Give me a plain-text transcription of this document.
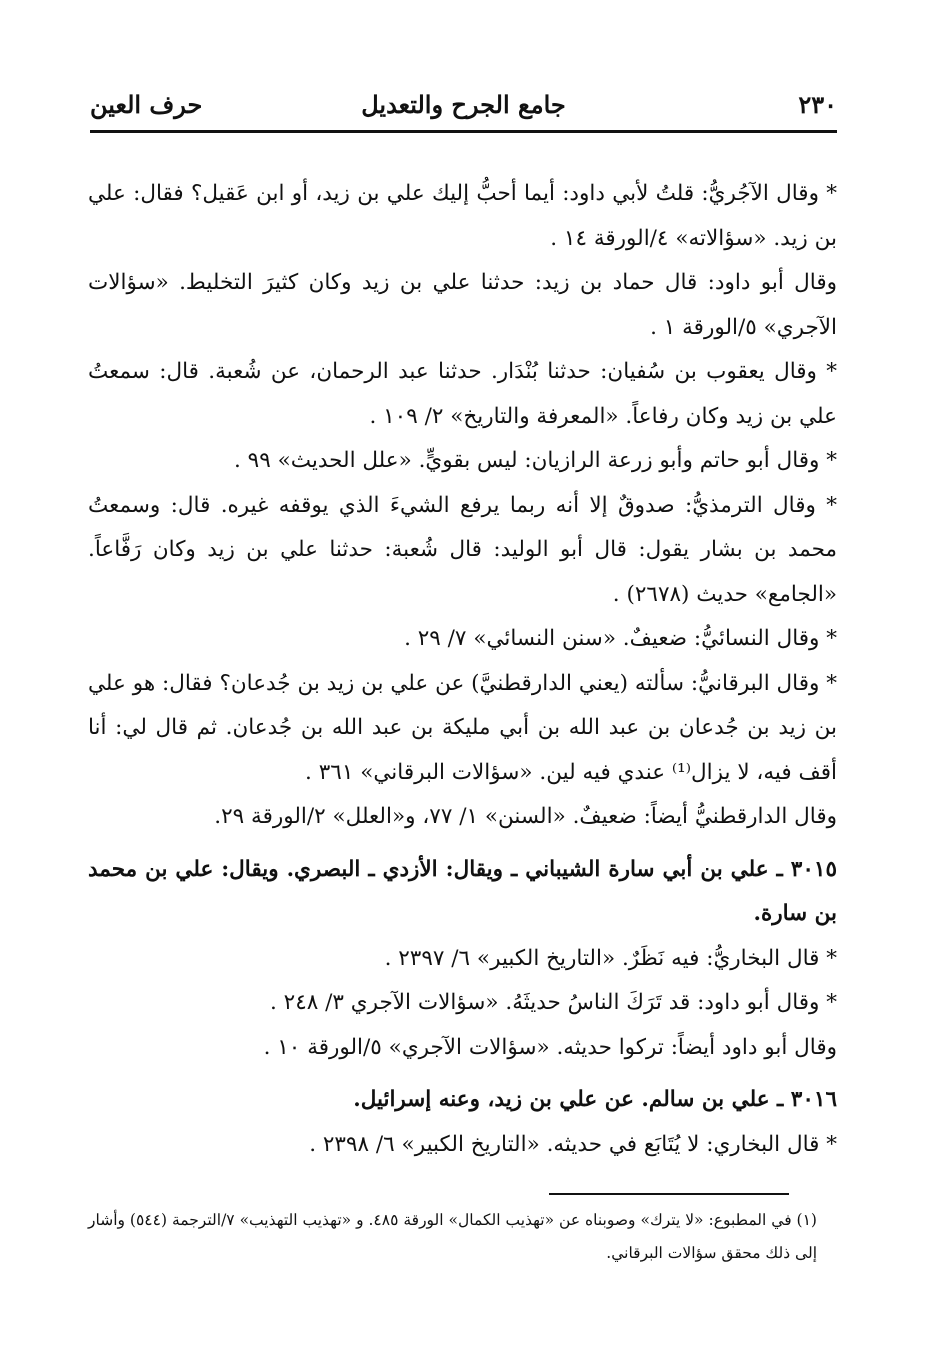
٢٣٠
جامع الجرح والتعديل
حرف العين

* وقال الآجُريُّ: قلتُ لأبي داود: أيما أحبُّ إليك علي بن زيد، أو ابن عَقيل؟ فقال: علي بن زيد. «سؤالاته» ٤/الورقة ١٤ .

وقال أبو داود: قال حماد بن زيد: حدثنا علي بن زيد وكان كثيرَ التخليط. «سؤالات الآجري» ٥/الورقة ١ .

* وقال يعقوب بن سُفيان: حدثنا بُنْدَار. حدثنا عبد الرحمان، عن شُعبة. قال: سمعتُ علي بن زيد وكان رفاعاً. «المعرفة والتاريخ» ٢/ ١٠٩ .

* وقال أبو حاتم وأبو زرعة الرازيان: ليس بقويٍّ. «علل الحديث» ٩٩ .

* وقال الترمذيُّ: صدوقٌ إلا أنه ربما يرفع الشيءَ الذي يوقفه غيره. قال: وسمعتُ محمد بن بشار يقول: قال أبو الوليد: قال شُعبة: حدثنا علي بن زيد وكان رَفَّاعاً. «الجامع» حديث (٢٦٧٨) .

* وقال النسائيُّ: ضعيفٌ. «سنن النسائي» ٧/ ٢٩ .

* وقال البرقانيُّ: سألته (يعني الدارقطنيَّ) عن علي بن زيد بن جُدعان؟ فقال: هو علي بن زيد بن جُدعان بن عبد الله بن أبي مليكة بن عبد الله بن جُدعان. ثم قال لي: أنا أقف فيه، لا يزال⁽¹⁾ عندي فيه لين. «سؤالات البرقاني» ٣٦١ .

وقال الدارقطنيُّ أيضاً: ضعيفٌ. «السنن» ١/ ٧٧، و«العلل» ٢/الورقة ٢٩.

٣٠١٥ ـ علي بن أبي سارة الشيباني ـ ويقال: الأزدي ـ البصري. ويقال: علي بن محمد بن سارة.

* قال البخاريُّ: فيه نَظَرٌ. «التاريخ الكبير» ٦/ ٢٣٩٧ .

* وقال أبو داود: قد تَرَكَ الناسُ حديثَهُ. «سؤالات الآجري ٣/ ٢٤٨ .

وقال أبو داود أيضاً: تركوا حديثه. «سؤالات الآجري» ٥/الورقة ١٠ .

٣٠١٦ ـ علي بن سالم. عن علي بن زيد، وعنه إسرائيل.

* قال البخاري: لا يُتَابَع في حديثه. «التاريخ الكبير» ٦/ ٢٣٩٨ .

(١) في المطبوع: «لا يترك» وصوبناه عن «تهذيب الكمال» الورقة ٤٨٥. و «تهذيب التهذيب» ٧/الترجمة (٥٤٤) وأشار إلى ذلك محقق سؤالات البرقاني.
